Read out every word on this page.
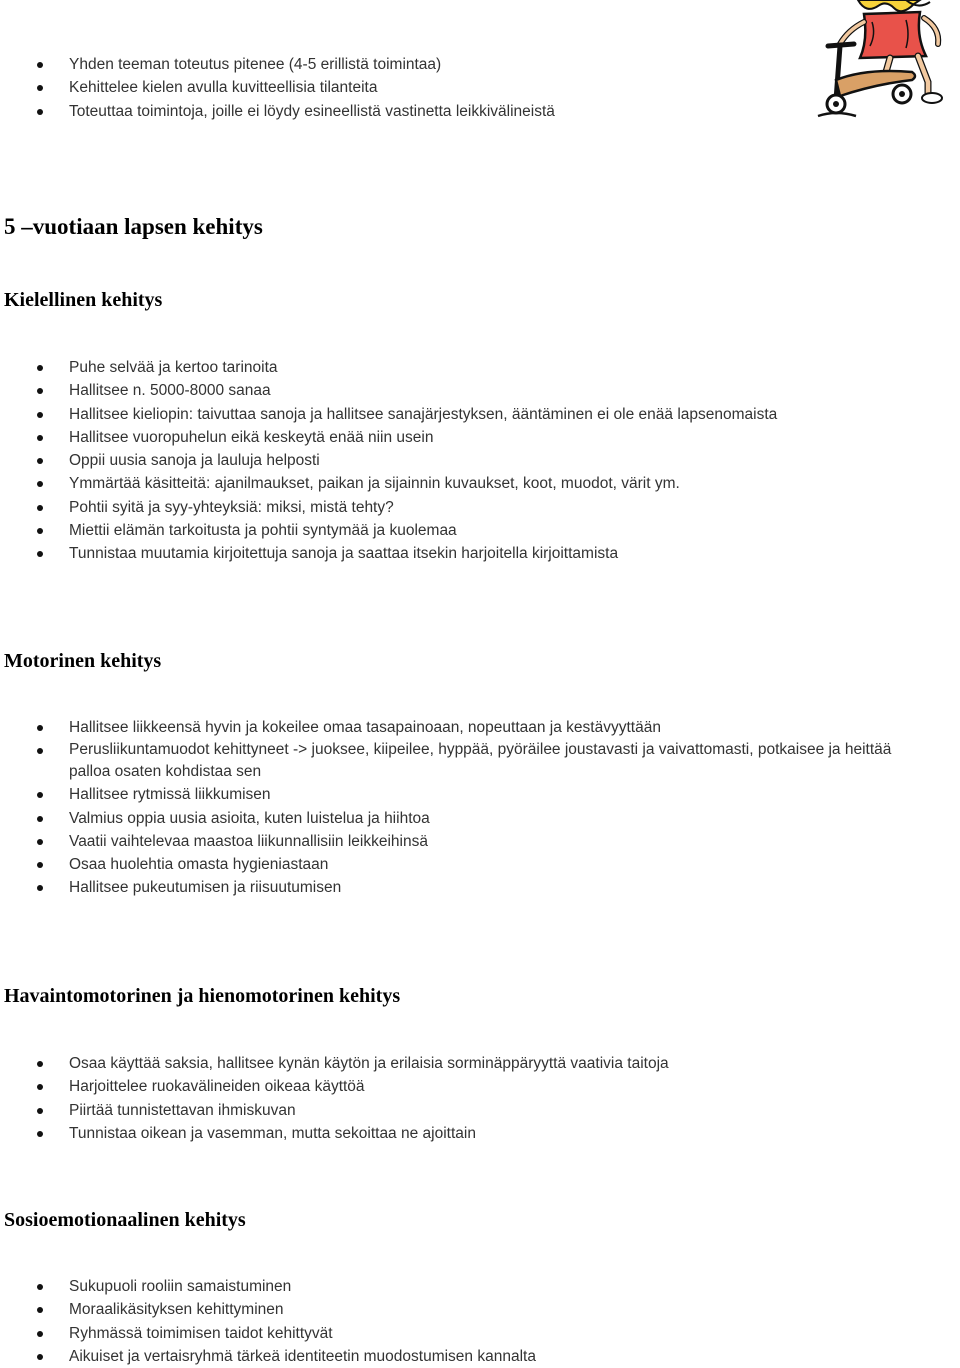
Yhden teeman toteutus pitenee (4-5 erillistä toimintaa)
Kehittelee kielen avulla kuvitteellisia tilanteita
Toteuttaa toimintoja, joille ei löydy esineellistä vastinetta leikkivälineistä
5 –vuotiaan lapsen kehitys
Kielellinen kehitys
Puhe selvää ja kertoo tarinoita
Hallitsee n. 5000-8000 sanaa
Hallitsee kieliopin: taivuttaa sanoja ja hallitsee sanajärjestyksen, ääntäminen ei ole enää lapsenomaista
Hallitsee vuoropuhelun eikä keskeytä enää niin usein
Oppii uusia sanoja ja lauluja helposti
Ymmärtää käsitteitä: ajanilmaukset, paikan ja sijainnin kuvaukset, koot, muodot, värit ym.
Pohtii syitä ja syy-yhteyksiä: miksi, mistä tehty?
Miettii elämän tarkoitusta ja pohtii syntymää ja kuolemaa
Tunnistaa muutamia kirjoitettuja sanoja ja saattaa itsekin harjoitella kirjoittamista
Motorinen kehitys
Hallitsee liikkeensä hyvin ja kokeilee omaa tasapainoaan, nopeuttaan ja kestävyyttään
Perusliikuntamuodot kehittyneet -> juoksee, kiipeilee, hyppää, pyöräilee joustavasti ja vaivattomasti, potkaisee ja heittää palloa osaten kohdistaa sen
Hallitsee rytmissä liikkumisen
Valmius oppia uusia asioita, kuten luistelua ja hiihtoa
Vaatii vaihtelevaa maastoa liikunnallisiin leikkeihinsä
Osaa huolehtia omasta hygieniastaan
Hallitsee pukeutumisen ja riisuutumisen
Havaintomotorinen ja hienomotorinen kehitys
Osaa käyttää saksia, hallitsee kynän käytön ja erilaisia sorminäppäryyttä vaativia taitoja
Harjoittelee ruokavälineiden oikeaa käyttöä
Piirtää tunnistettavan ihmiskuvan
Tunnistaa oikean ja vasemman, mutta sekoittaa ne ajoittain
Sosioemotionaalinen kehitys
Sukupuoli rooliin samaistuminen
Moraalikäsityksen kehittyminen
Ryhmässä toimimisen taidot kehittyvät
Aikuiset ja vertaisryhmä tärkeä identiteetin muodostumisen kannalta
